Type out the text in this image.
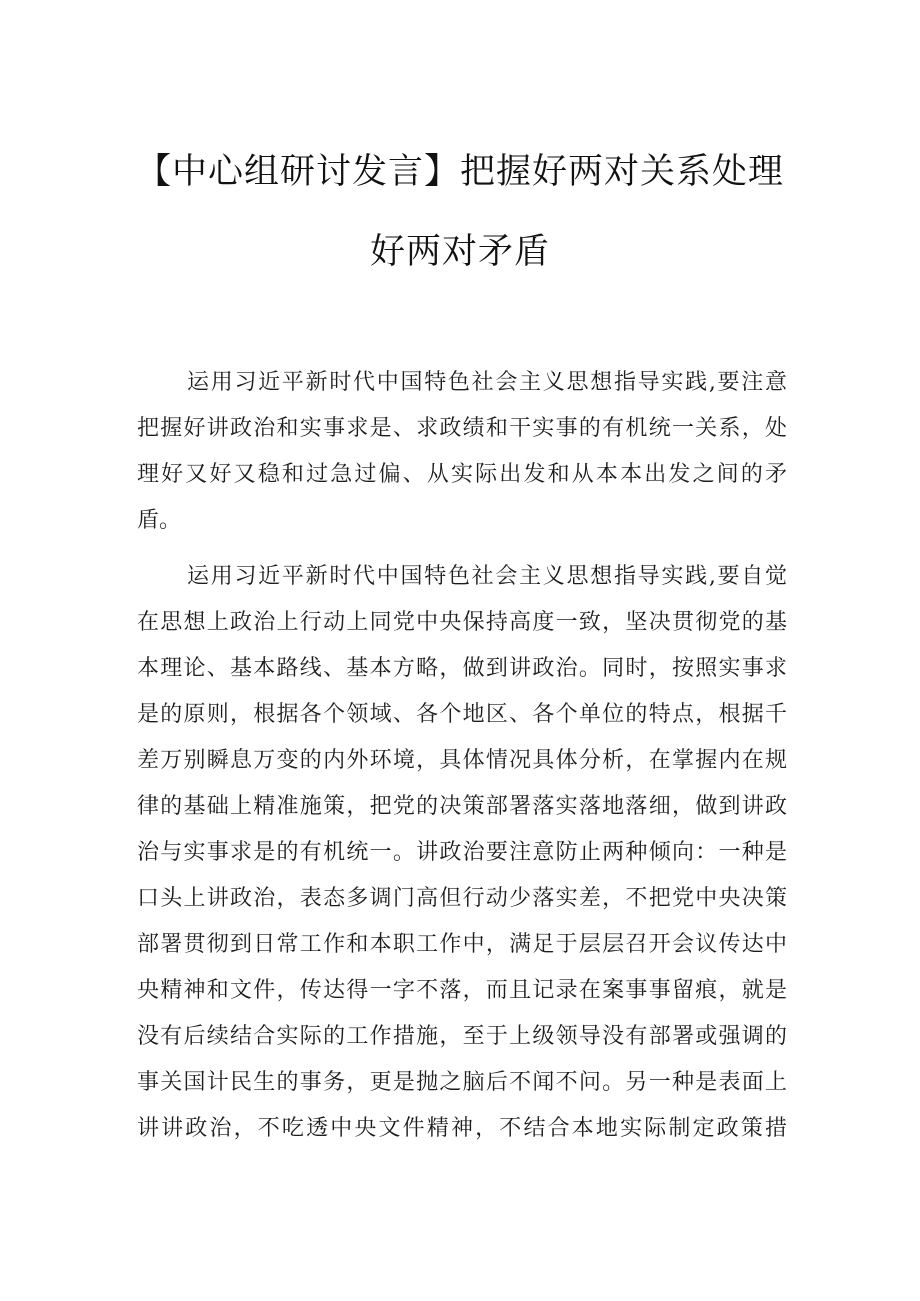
【中心组研讨发言】把握好两对关系处理
好两对矛盾
运用习近平新时代中国特色社会主义思想指导实践,要注意
把握好讲政治和实事求是、求政绩和干实事的有机统一关系，处
理好又好又稳和过急过偏、从实际出发和从本本出发之间的矛
盾。
运用习近平新时代中国特色社会主义思想指导实践,要自觉
在思想上政治上行动上同党中央保持高度一致，坚决贯彻党的基
本理论、基本路线、基本方略，做到讲政治。同时，按照实事求
是的原则，根据各个领域、各个地区、各个单位的特点，根据千
差万别瞬息万变的内外环境，具体情况具体分析，在掌握内在规
律的基础上精准施策，把党的决策部署落实落地落细，做到讲政
治与实事求是的有机统一。讲政治要注意防止两种倾向：一种是
口头上讲政治，表态多调门高但行动少落实差，不把党中央决策
部署贯彻到日常工作和本职工作中，满足于层层召开会议传达中
央精神和文件，传达得一字不落，而且记录在案事事留痕，就是
没有后续结合实际的工作措施，至于上级领导没有部署或强调的
事关国计民生的事务，更是抛之脑后不闻不问。另一种是表面上
讲讲政治，不吃透中央文件精神，不结合本地实际制定政策措
